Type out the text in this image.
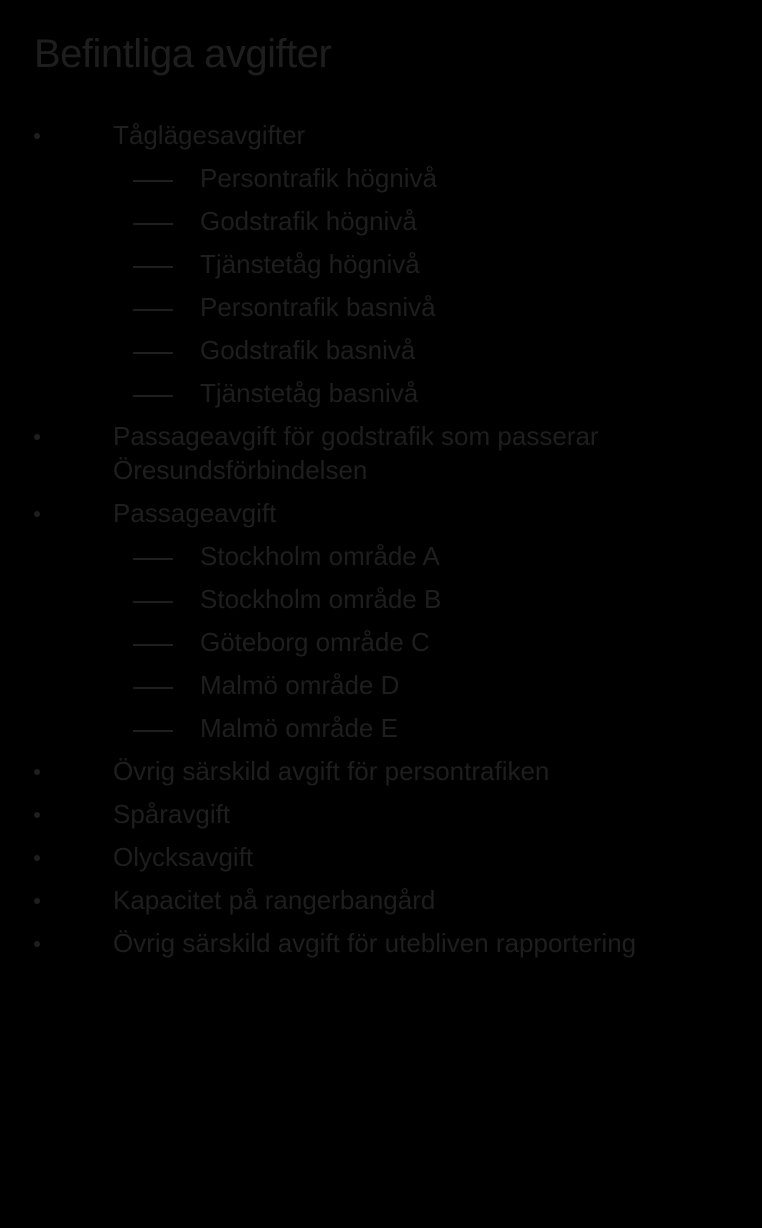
Befintliga avgifter
Tåglägesavgifter
Persontrafik högnivå
Godstrafik högnivå
Tjänstetåg högnivå
Persontrafik basnivå
Godstrafik basnivå
Tjänstetåg basnivå
Passageavgift för godstrafik som passerar Öresundsförbindelsen
Passageavgift
Stockholm område A
Stockholm område B
Göteborg område C
Malmö område D
Malmö område E
Övrig särskild avgift för persontrafiken
Spåravgift
Olycksavgift
Kapacitet på rangerbangård
Övrig särskild avgift för utebliven rapportering
